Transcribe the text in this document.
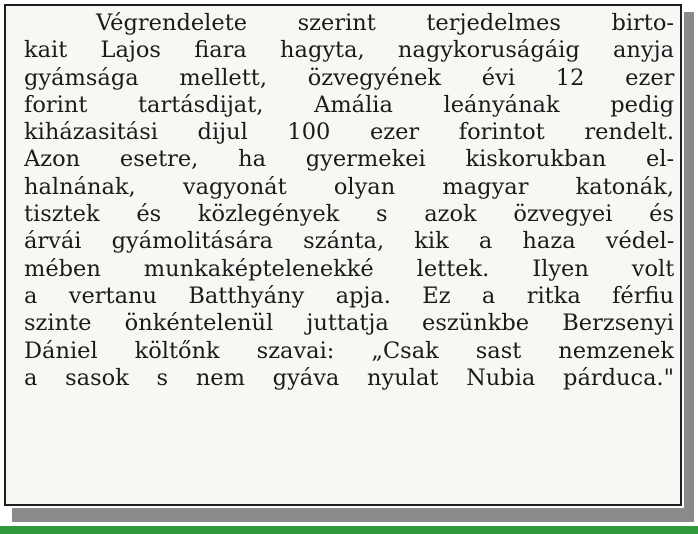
Végrendelete szerint terjedelmes birto-
kait Lajos fiara hagyta, nagykoruságáig anyja
gyámsága mellett, özvegyének évi 12 ezer
forint tartásdijat, Amália leányának pedig
kiházasitási dijul 100 ezer forintot rendelt.
Azon esetre, ha gyermekei kiskorukban el-
halnának, vagyonát olyan magyar katonák,
tisztek és közlegények s azok özvegyei és
árvái gyámolitására szánta, kik a haza védel-
mében munkaképtelenekké lettek. Ilyen volt
a vertanu Batthyány apja. Ez a ritka férfiu
szinte önkéntelenül juttatja eszünkbe Berzsenyi
Dániel költőnk szavai: „Csak sast nemzenek
a sasok s nem gyáva nyulat Nubia párduca."
